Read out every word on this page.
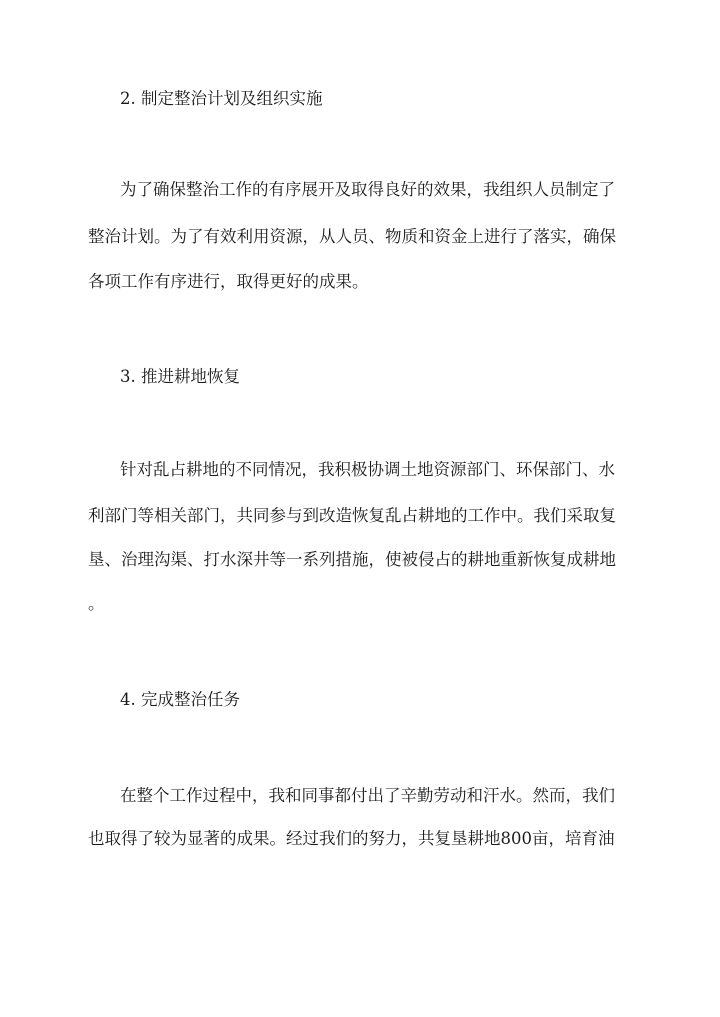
2. 制定整治计划及组织实施
为了确保整治工作的有序展开及取得良好的效果，我组织人员制定了
整治计划。为了有效利用资源，从人员、物质和资金上进行了落实，确保
各项工作有序进行，取得更好的成果。
3. 推进耕地恢复
针对乱占耕地的不同情况，我积极协调土地资源部门、环保部门、水
利部门等相关部门，共同参与到改造恢复乱占耕地的工作中。我们采取复
垦、治理沟渠、打水深井等一系列措施，使被侵占的耕地重新恢复成耕地
。
4. 完成整治任务
在整个工作过程中，我和同事都付出了辛勤劳动和汗水。然而，我们
也取得了较为显著的成果。经过我们的努力，共复垦耕地800亩，培育油
